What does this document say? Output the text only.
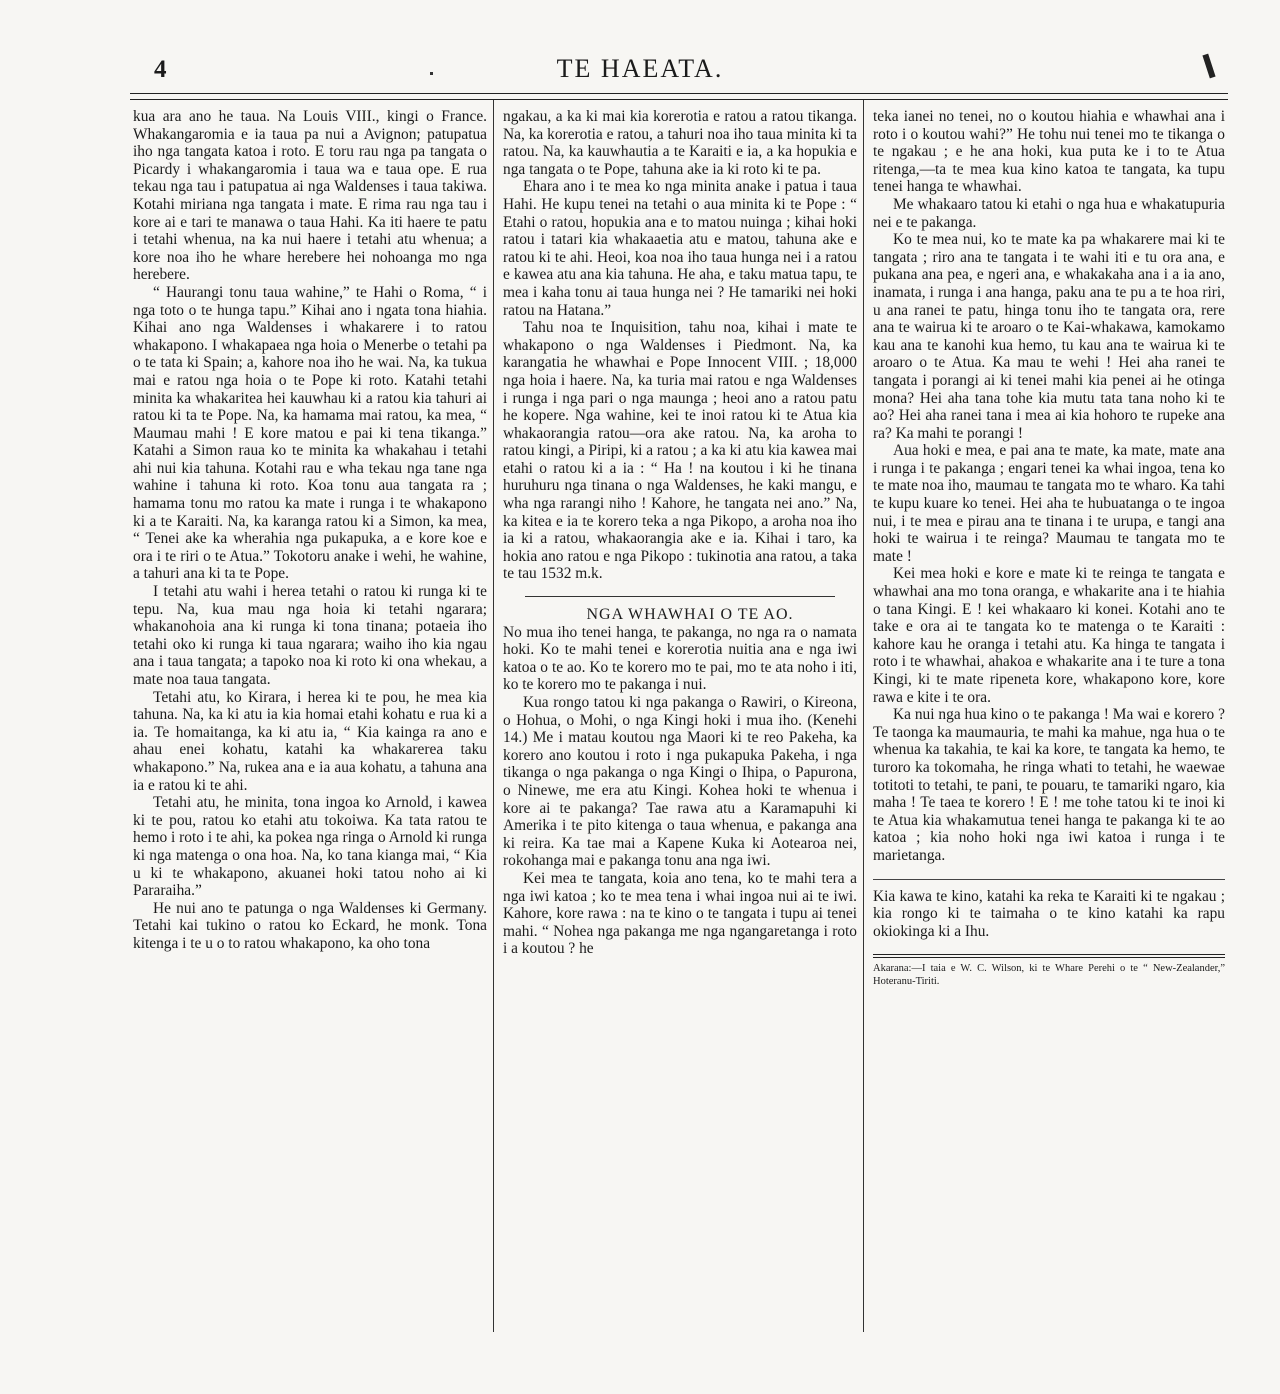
4	TE HAEATA.

kua ara ano he taua. Na Louis VIII., kingi o France. Whakangaromia e ia taua pa nui a Avignon; patupatua iho nga tangata katoa i roto. E toru rau nga pa tangata o Picardy i whakangaromia i taua wa e taua ope. E rua tekau nga tau i patupatua ai nga Waldenses i taua takiwa. Kotahi miriana nga tangata i mate. E rima rau nga tau i kore ai e tari te manawa o taua Hahi. Ka iti haere te patu i tetahi whenua, na ka nui haere i tetahi atu whenua; a kore noa iho he whare herebere hei nohoanga mo nga herebere.

“ Haurangi tonu taua wahine,” te Hahi o Roma, “ i nga toto o te hunga tapu.” Kihai ano i ngata tona hiahia. Kihai ano nga Waldenses i whakarere i to ratou whakapono. I whakapaea nga hoia o Menerbe o tetahi pa o te tata ki Spain; a, kahore noa iho he wai. Na, ka tukua mai e ratou nga hoia o te Pope ki roto. Katahi tetahi minita ka whakaritea hei kauwhau ki a ratou kia tahuri ai ratou ki ta te Pope. Na, ka hamama mai ratou, ka mea, “ Maumau mahi ! E kore matou e pai ki tena tikanga.” Katahi a Simon raua ko te minita ka whakahau i tetahi ahi nui kia tahuna. Kotahi rau e wha tekau nga tane nga wahine i tahuna ki roto. Koa tonu aua tangata ra ; hamama tonu mo ratou ka mate i runga i te whakapono ki a te Karaiti. Na, ka karanga ratou ki a Simon, ka mea, “ Tenei ake ka wherahia nga pukapuka, a e kore koe e ora i te riri o te Atua.” Tokotoru anake i wehi, he wahine, a tahuri ana ki ta te Pope.

I tetahi atu wahi i herea tetahi o ratou ki runga ki te tepu. Na, kua mau nga hoia ki tetahi ngarara; whakanohoia ana ki runga ki tona tinana; potaeia iho tetahi oko ki runga ki taua ngarara; waiho iho kia ngau ana i taua tangata; a tapoko noa ki roto ki ona whekau, a mate noa taua tangata.

Tetahi atu, ko Kirara, i herea ki te pou, he mea kia tahuna. Na, ka ki atu ia kia homai etahi kohatu e rua ki a ia. Te homaitanga, ka ki atu ia, “ Kia kainga ra ano e ahau enei kohatu, katahi ka whakarerea taku whakapono.” Na, rukea ana e ia aua kohatu, a tahuna ana ia e ratou ki te ahi.

Tetahi atu, he minita, tona ingoa ko Arnold, i kawea ki te pou, ratou ko etahi atu tokoiwa. Ka tata ratou te hemo i roto i te ahi, ka pokea nga ringa o Arnold ki runga ki nga matenga o ona hoa. Na, ko tana kianga mai, “ Kia u ki te whakapono, akuanei hoki tatou noho ai ki Pararaiha.”

He nui ano te patunga o nga Waldenses ki Germany. Tetahi kai tukino o ratou ko Eckard, he monk. Tona kitenga i te u o to ratou whakapono, ka oho tona

ngakau, a ka ki mai kia korerotia e ratou a ratou tikanga. Na, ka korerotia e ratou, a tahuri noa iho taua minita ki ta ratou. Na, ka kauwhautia a te Karaiti e ia, a ka hopukia e nga tangata o te Pope, tahuna ake ia ki roto ki te pa.

Ehara ano i te mea ko nga minita anake i patua i taua Hahi. He kupu tenei na tetahi o aua minita ki te Pope : “ Etahi o ratou, hopukia ana e to matou nuinga ; kihai hoki ratou i tatari kia whakaaetia atu e matou, tahuna ake e ratou ki te ahi. Heoi, koa noa iho taua hunga nei i a ratou e kawea atu ana kia tahuna. He aha, e taku matua tapu, te mea i kaha tonu ai taua hunga nei ? He tamariki nei hoki ratou na Hatana.”

Tahu noa te Inquisition, tahu noa, kihai i mate te whakapono o nga Waldenses i Piedmont. Na, ka karangatia he whawhai e Pope Innocent VIII. ; 18,000 nga hoia i haere. Na, ka turia mai ratou e nga Waldenses i runga i nga pari o nga maunga ; heoi ano a ratou patu he kopere. Nga wahine, kei te inoi ratou ki te Atua kia whakaorangia ratou—ora ake ratou. Na, ka aroha to ratou kingi, a Piripi, ki a ratou ; a ka ki atu kia kawea mai etahi o ratou ki a ia : “ Ha ! na koutou i ki he tinana huruhuru nga tinana o nga Waldenses, he kaki mangu, e wha nga rarangi niho ! Kahore, he tangata nei ano.” Na, ka kitea e ia te korero teka a nga Pikopo, a aroha noa iho ia ki a ratou, whakaorangia ake e ia. Kihai i taro, ka hokia ano ratou e nga Pikopo : tukinotia ana ratou, a taka te tau 1532 m.k.

NGA WHAWHAI O TE AO.

No mua iho tenei hanga, te pakanga, no nga ra o namata hoki. Ko te mahi tenei e korerotia nuitia ana e nga iwi katoa o te ao. Ko te korero mo te pai, mo te ata noho i iti, ko te korero mo te pakanga i nui.

Kua rongo tatou ki nga pakanga o Rawiri, o Kireona, o Hohua, o Mohi, o nga Kingi hoki i mua iho. (Kenehi 14.) Me i matau koutou nga Maori ki te reo Pakeha, ka korero ano koutou i roto i nga pukapuka Pakeha, i nga tikanga o nga pakanga o nga Kingi o Ihipa, o Papurona, o Ninewe, me era atu Kingi. Kohea hoki te whenua i kore ai te pakanga? Tae rawa atu a Karamapuhi ki Amerika i te pito kitenga o taua whenua, e pakanga ana ki reira. Ka tae mai a Kapene Kuka ki Aotearoa nei, rokohanga mai e pakanga tonu ana nga iwi.

Kei mea te tangata, koia ano tena, ko te mahi tera a nga iwi katoa ; ko te mea tena i whai ingoa nui ai te iwi. Kahore, kore rawa : na te kino o te tangata i tupu ai tenei mahi. “ Nohea nga pakanga me nga ngangaretanga i roto i a koutou ? he

teka ianei no tenei, no o koutou hiahia e whawhai ana i roto i o koutou wahi?” He tohu nui tenei mo te tikanga o te ngakau ; e he ana hoki, kua puta ke i to te Atua ritenga,—ta te mea kua kino katoa te tangata, ka tupu tenei hanga te whawhai.

Me whakaaro tatou ki etahi o nga hua e whakatupuria nei e te pakanga.

Ko te mea nui, ko te mate ka pa whakarere mai ki te tangata ; riro ana te tangata i te wahi iti e tu ora ana, e pukana ana pea, e ngeri ana, e whakakaha ana i a ia ano, inamata, i runga i ana hanga, paku ana te pu a te hoa riri, u ana ranei te patu, hinga tonu iho te tangata ora, rere ana te wairua ki te aroaro o te Kai-whakawa, kamokamo kau ana te kanohi kua hemo, tu kau ana te wairua ki te aroaro o te Atua. Ka mau te wehi ! Hei aha ranei te tangata i porangi ai ki tenei mahi kia penei ai he otinga mona? Hei aha tana tohe kia mutu tata tana noho ki te ao? Hei aha ranei tana i mea ai kia hohoro te rupeke ana ra? Ka mahi te porangi !

Aua hoki e mea, e pai ana te mate, ka mate, mate ana i runga i te pakanga ; engari tenei ka whai ingoa, tena ko te mate noa iho, maumau te tangata mo te wharo. Ka tahi te kupu kuare ko tenei. Hei aha te hubuatanga o te ingoa nui, i te mea e pirau ana te tinana i te urupa, e tangi ana hoki te wairua i te reinga? Maumau te tangata mo te mate !

Kei mea hoki e kore e mate ki te reinga te tangata e whawhai ana mo tona oranga, e whakarite ana i te hiahia o tana Kingi. E ! kei whakaaro ki konei. Kotahi ano te take e ora ai te tangata ko te matenga o te Karaiti : kahore kau he oranga i tetahi atu. Ka hinga te tangata i roto i te whawhai, ahakoa e whakarite ana i te ture a tona Kingi, ki te mate ripeneta kore, whakapono kore, kore rawa e kite i te ora.

Ka nui nga hua kino o te pakanga ! Ma wai e korero ? Te taonga ka maumauria, te mahi ka mahue, nga hua o te whenua ka takahia, te kai ka kore, te tangata ka hemo, te turoro ka tokomaha, he ringa whati to tetahi, he waewae totitoti to tetahi, te pani, te pouaru, te tamariki ngaro, kia maha ! Te taea te korero ! E ! me tohe tatou ki te inoi ki te Atua kia whakamutua tenei hanga te pakanga ki te ao katoa ; kia noho hoki nga iwi katoa i runga i te marietanga.

Kia kawa te kino, katahi ka reka te Karaiti ki te ngakau ; kia rongo ki te taimaha o te kino katahi ka rapu okiokinga ki a Ihu.

Akarana:—I taia e W. C. Wilson, ki te Whare Perehi o te “ New-Zealander,” Hoteranu-Tiriti.
